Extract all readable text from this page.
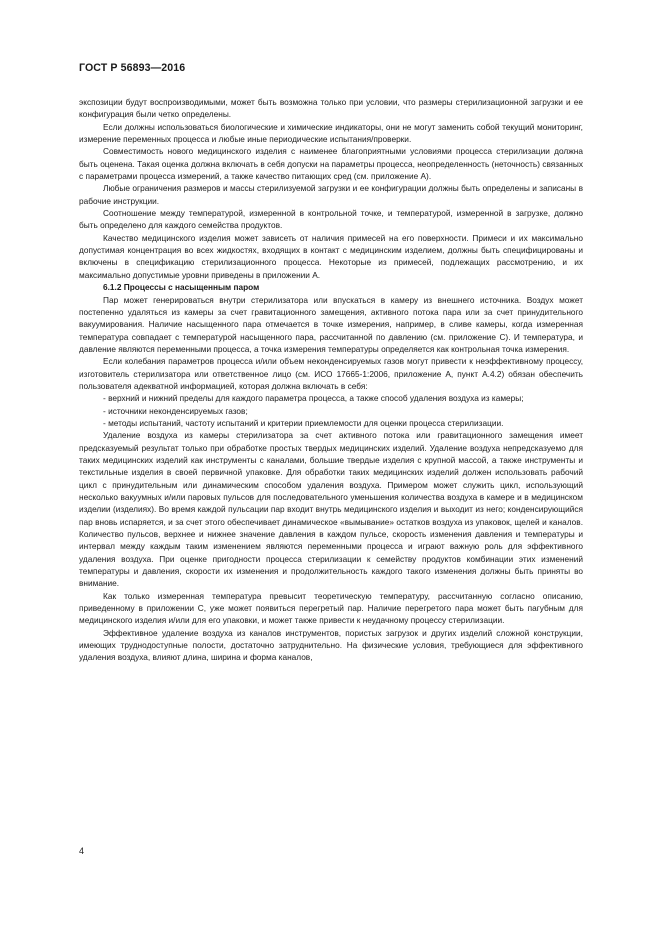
ГОСТ Р 56893—2016

экспозиции будут воспроизводимыми, может быть возможна только при условии, что размеры стерилизационной загрузки и ее конфигурация были четко определены.

Если должны использоваться биологические и химические индикаторы, они не могут заменить собой текущий мониторинг, измерение переменных процесса и любые иные периодические испытания/проверки.

Совместимость нового медицинского изделия с наименее благоприятными условиями процесса стерилизации должна быть оценена. Такая оценка должна включать в себя допуски на параметры процесса, неопределенность (неточность) связанных с параметрами процесса измерений, а также качество питающих сред (см. приложение А).

Любые ограничения размеров и массы стерилизуемой загрузки и ее конфигурации должны быть определены и записаны в рабочие инструкции.

Соотношение между температурой, измеренной в контрольной точке, и температурой, измеренной в загрузке, должно быть определено для каждого семейства продуктов.

Качество медицинского изделия может зависеть от наличия примесей на его поверхности. Примеси и их максимально допустимая концентрация во всех жидкостях, входящих в контакт с медицинским изделием, должны быть специфицированы и включены в спецификацию стерилизационного процесса. Некоторые из примесей, подлежащих рассмотрению, и их максимально допустимые уровни приведены в приложении А.

6.1.2 Процессы с насыщенным паром

Пар может генерироваться внутри стерилизатора или впускаться в камеру из внешнего источника. Воздух может постепенно удаляться из камеры за счет гравитационного замещения, активного потока пара или за счет принудительного вакуумирования. Наличие насыщенного пара отмечается в точке измерения, например, в сливе камеры, когда измеренная температура совпадает с температурой насыщенного пара, рассчитанной по давлению (см. приложение С). И температура, и давление являются переменными процесса, а точка измерения температуры определяется как контрольная точка измерения.

Если колебания параметров процесса и/или объем неконденсируемых газов могут привести к неэффективному процессу, изготовитель стерилизатора или ответственное лицо (см. ИСО 17665-1:2006, приложение А, пункт А.4.2) обязан обеспечить пользователя адекватной информацией, которая должна включать в себя:

- верхний и нижний пределы для каждого параметра процесса, а также способ удаления воздуха из камеры;

- источники неконденсируемых газов;

- методы испытаний, частоту испытаний и критерии приемлемости для оценки процесса стерилизации.

Удаление воздуха из камеры стерилизатора за счет активного потока или гравитационного замещения имеет предсказуемый результат только при обработке простых твердых медицинских изделий. Удаление воздуха непредсказуемо для таких медицинских изделий как инструменты с каналами, большие твердые изделия с крупной массой, а также инструменты и текстильные изделия в своей первичной упаковке. Для обработки таких медицинских изделий должен использовать рабочий цикл с принудительным или динамическим способом удаления воздуха. Примером может служить цикл, использующий несколько вакуумных и/или паровых пульсов для последовательного уменьшения количества воздуха в камере и в медицинском изделии (изделиях). Во время каждой пульсации пар входит внутрь медицинского изделия и выходит из него; конденсирующийся пар вновь испаряется, и за счет этого обеспечивает динамическое «вымывание» остатков воздуха из упаковок, щелей и каналов. Количество пульсов, верхнее и нижнее значение давления в каждом пульсе, скорость изменения давления и температуры и интервал между каждым таким изменением являются переменными процесса и играют важную роль для эффективного удаления воздуха. При оценке пригодности процесса стерилизации к семейству продуктов комбинации этих изменений температуры и давления, скорости их изменения и продолжительность каждого такого изменения должны быть приняты во внимание.

Как только измеренная температура превысит теоретическую температуру, рассчитанную согласно описанию, приведенному в приложении С, уже может появиться перегретый пар. Наличие перегретого пара может быть пагубным для медицинского изделия и/или для его упаковки, и может также привести к неудачному процессу стерилизации.

Эффективное удаление воздуха из каналов инструментов, пористых загрузок и других изделий сложной конструкции, имеющих труднодоступные полости, достаточно затруднительно. На физические условия, требующиеся для эффективного удаления воздуха, влияют длина, ширина и форма каналов,

4
